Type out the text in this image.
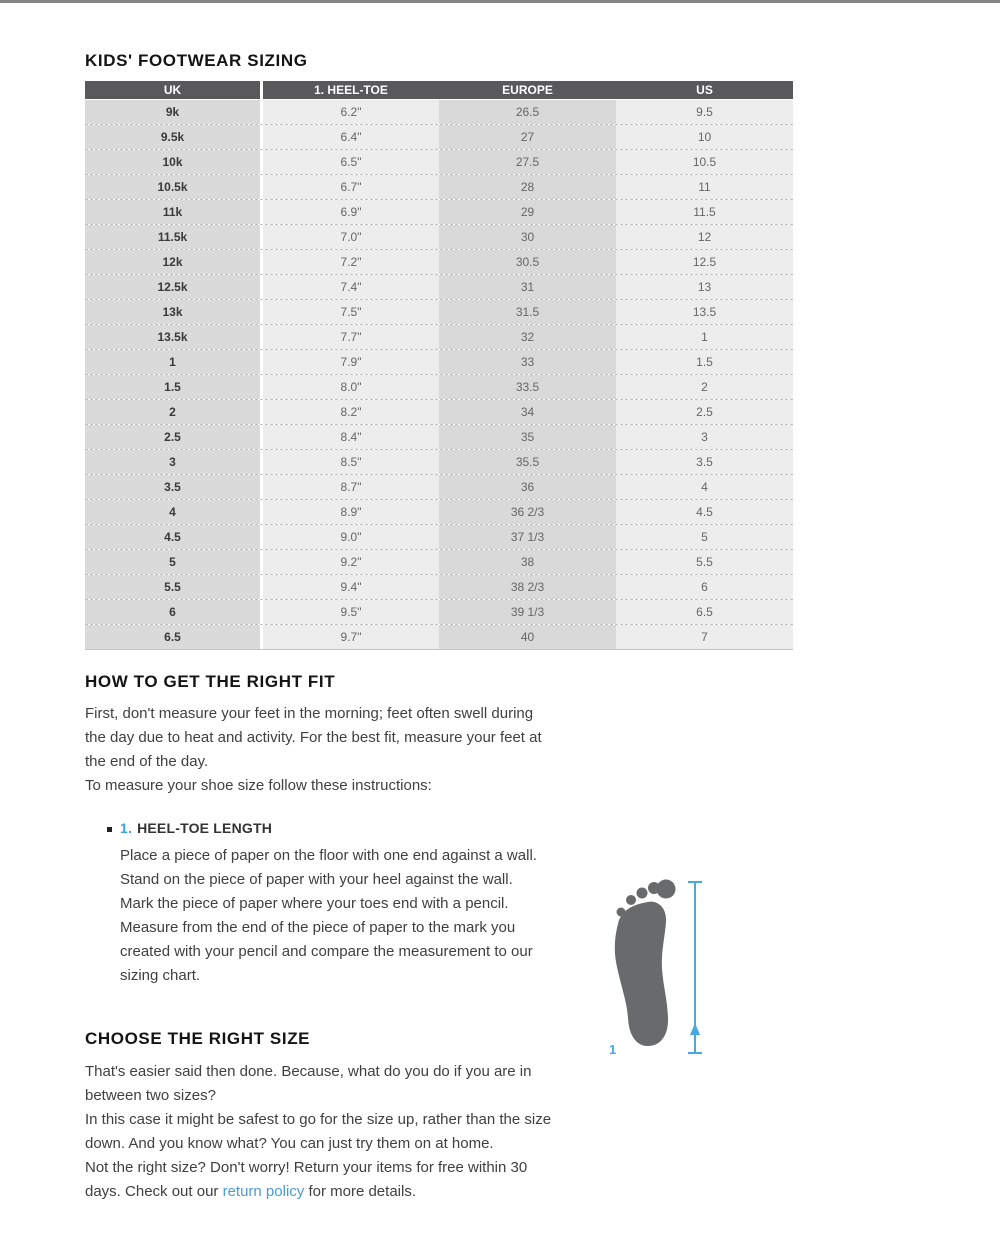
KIDS' FOOTWEAR SIZING
UK	1. HEEL-TOE	EUROPE	US
9k	6.2"	26.5	9.5
9.5k	6.4"	27	10
10k	6.5"	27.5	10.5
10.5k	6.7"	28	11
11k	6.9"	29	11.5
11.5k	7.0"	30	12
12k	7.2"	30.5	12.5
12.5k	7.4"	31	13
13k	7.5"	31.5	13.5
13.5k	7.7"	32	1
1	7.9"	33	1.5
1.5	8.0"	33.5	2
2	8.2"	34	2.5
2.5	8.4"	35	3
3	8.5"	35.5	3.5
3.5	8.7"	36	4
4	8.9"	36 2/3	4.5
4.5	9.0"	37 1/3	5
5	9.2"	38	5.5
5.5	9.4"	38 2/3	6
6	9.5"	39 1/3	6.5
6.5	9.7"	40	7
HOW TO GET THE RIGHT FIT
First, don't measure your feet in the morning; feet often swell during
the day due to heat and activity. For the best fit, measure your feet at
the end of the day.
To measure your shoe size follow these instructions:
1. HEEL-TOE LENGTH
Place a piece of paper on the floor with one end against a wall.
Stand on the piece of paper with your heel against the wall.
Mark the piece of paper where your toes end with a pencil.
Measure from the end of the piece of paper to the mark you
created with your pencil and compare the measurement to our
sizing chart.
CHOOSE THE RIGHT SIZE
That's easier said then done. Because, what do you do if you are in
between two sizes?
In this case it might be safest to go for the size up, rather than the size
down. And you know what? You can just try them on at home.
Not the right size? Don't worry! Return your items for free within 30
days. Check out our return policy for more details.
1
